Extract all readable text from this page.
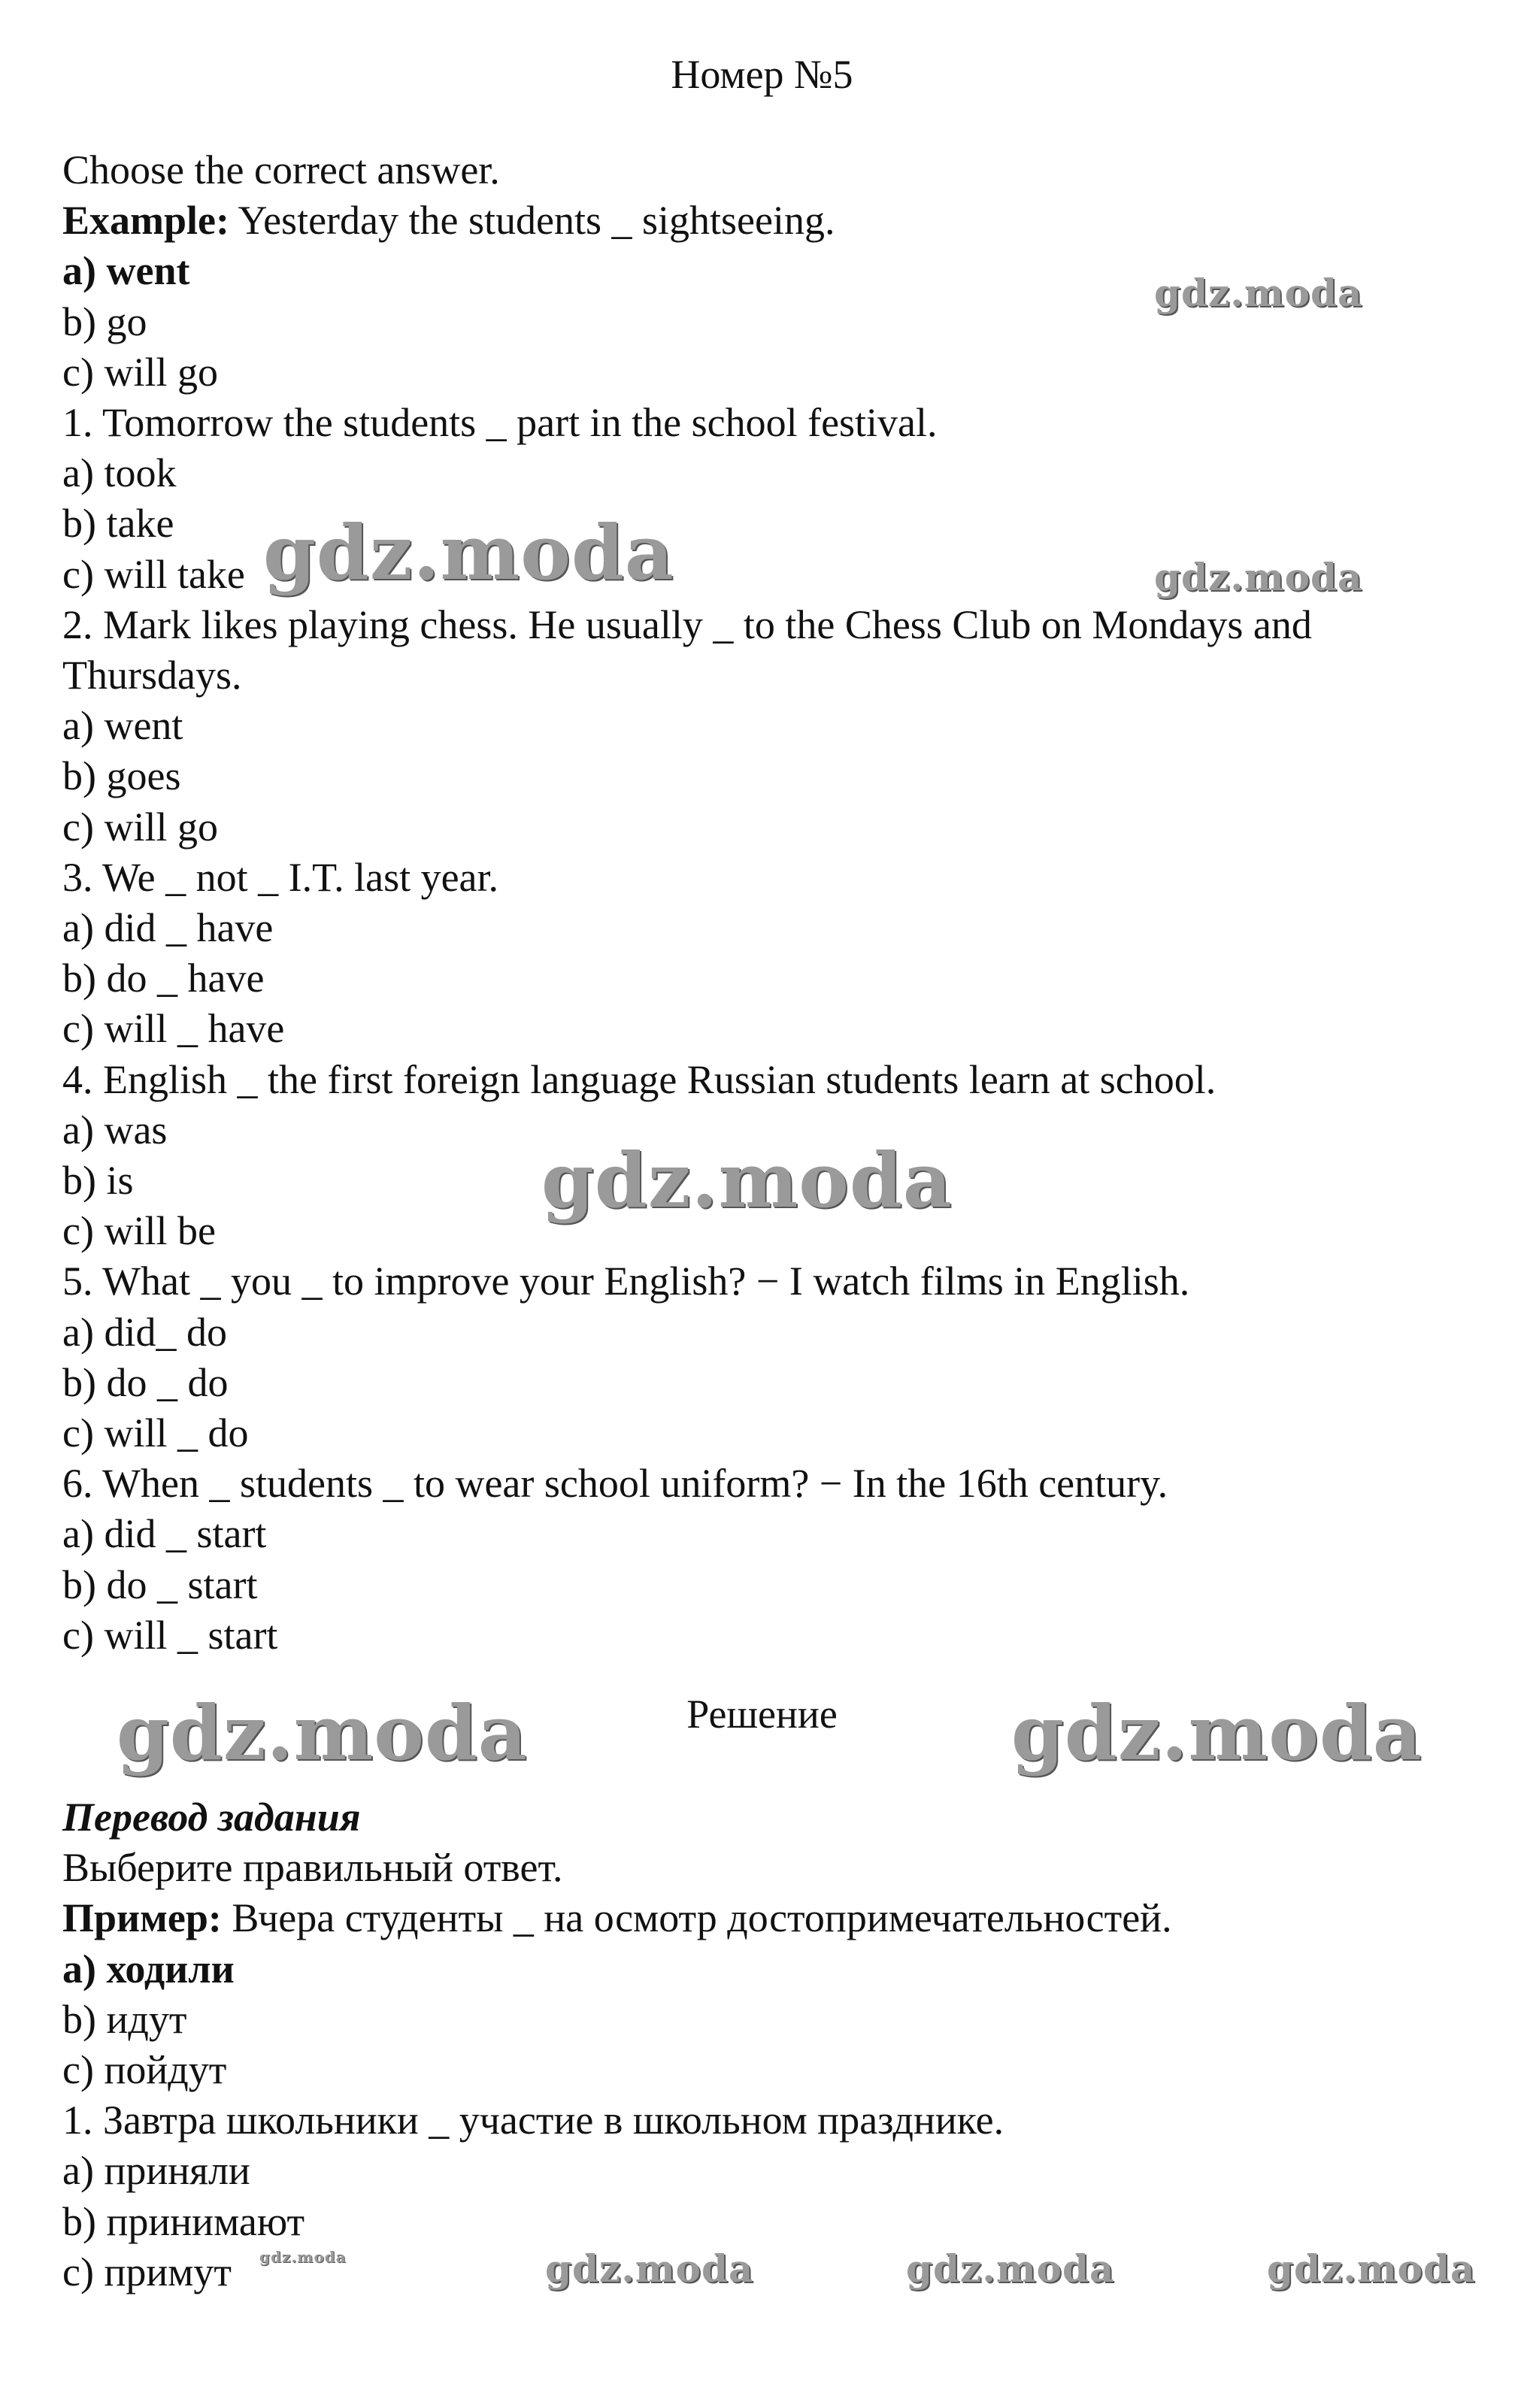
Номер №5
Choose the correct answer.
Example: Yesterday the students _ sightseeing.
a) went
b) go
c) will go
1. Tomorrow the students _ part in the school festival.
a) took
b) take
c) will take
2. Mark likes playing chess. He usually _ to the Chess Club on Mondays and Thursdays.
a) went
b) goes
c) will go
3. We _ not _ I.T. last year.
a) did _ have
b) do _ have
c) will _ have
4. English _ the first foreign language Russian students learn at school.
a) was
b) is
c) will be
5. What _ you _ to improve your English? − I watch films in English.
a) did_ do
b) do _ do
c) will _ do
6. When _ students _ to wear school uniform? − In the 16th century.
a) did _ start
b) do _ start
c) will _ start
Решение
Перевод задания
Выберите правильный ответ.
Пример: Вчера студенты _ на осмотр достопримечательностей.
a) ходили
b) идут
c) пойдут
1. Завтра школьники _ участие в школьном празднике.
a) приняли
b) принимают
c) примут
gdz.moda
gdz.moda	gdz.moda
gdz.moda
gdz.moda	gdz.moda
gdz.moda	gdz.moda	gdz.moda	gdz.moda
